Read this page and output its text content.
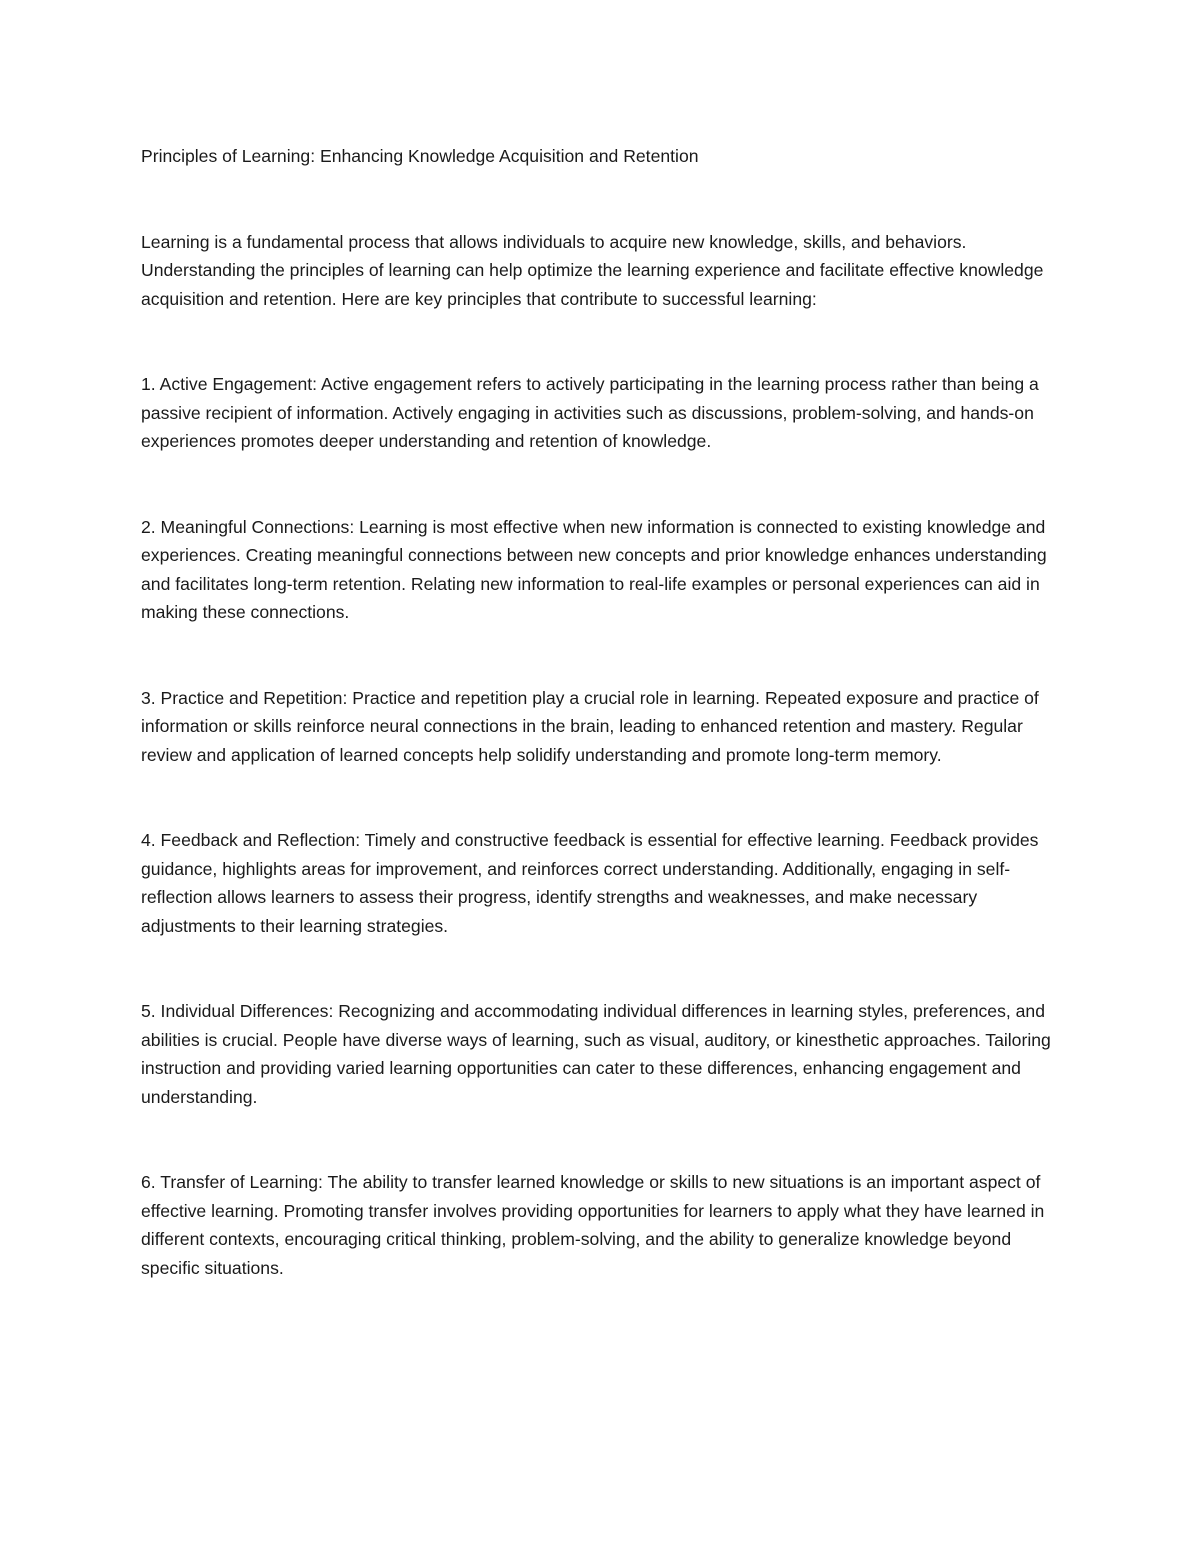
Principles of Learning: Enhancing Knowledge Acquisition and Retention

Learning is a fundamental process that allows individuals to acquire new knowledge, skills, and behaviors. Understanding the principles of learning can help optimize the learning experience and facilitate effective knowledge acquisition and retention. Here are key principles that contribute to successful learning:

1. Active Engagement: Active engagement refers to actively participating in the learning process rather than being a passive recipient of information. Actively engaging in activities such as discussions, problem-solving, and hands-on experiences promotes deeper understanding and retention of knowledge.

2. Meaningful Connections: Learning is most effective when new information is connected to existing knowledge and experiences. Creating meaningful connections between new concepts and prior knowledge enhances understanding and facilitates long-term retention. Relating new information to real-life examples or personal experiences can aid in making these connections.

3. Practice and Repetition: Practice and repetition play a crucial role in learning. Repeated exposure and practice of information or skills reinforce neural connections in the brain, leading to enhanced retention and mastery. Regular review and application of learned concepts help solidify understanding and promote long-term memory.

4. Feedback and Reflection: Timely and constructive feedback is essential for effective learning. Feedback provides guidance, highlights areas for improvement, and reinforces correct understanding. Additionally, engaging in self-reflection allows learners to assess their progress, identify strengths and weaknesses, and make necessary adjustments to their learning strategies.

5. Individual Differences: Recognizing and accommodating individual differences in learning styles, preferences, and abilities is crucial. People have diverse ways of learning, such as visual, auditory, or kinesthetic approaches. Tailoring instruction and providing varied learning opportunities can cater to these differences, enhancing engagement and understanding.

6. Transfer of Learning: The ability to transfer learned knowledge or skills to new situations is an important aspect of effective learning. Promoting transfer involves providing opportunities for learners to apply what they have learned in different contexts, encouraging critical thinking, problem-solving, and the ability to generalize knowledge beyond specific situations.
